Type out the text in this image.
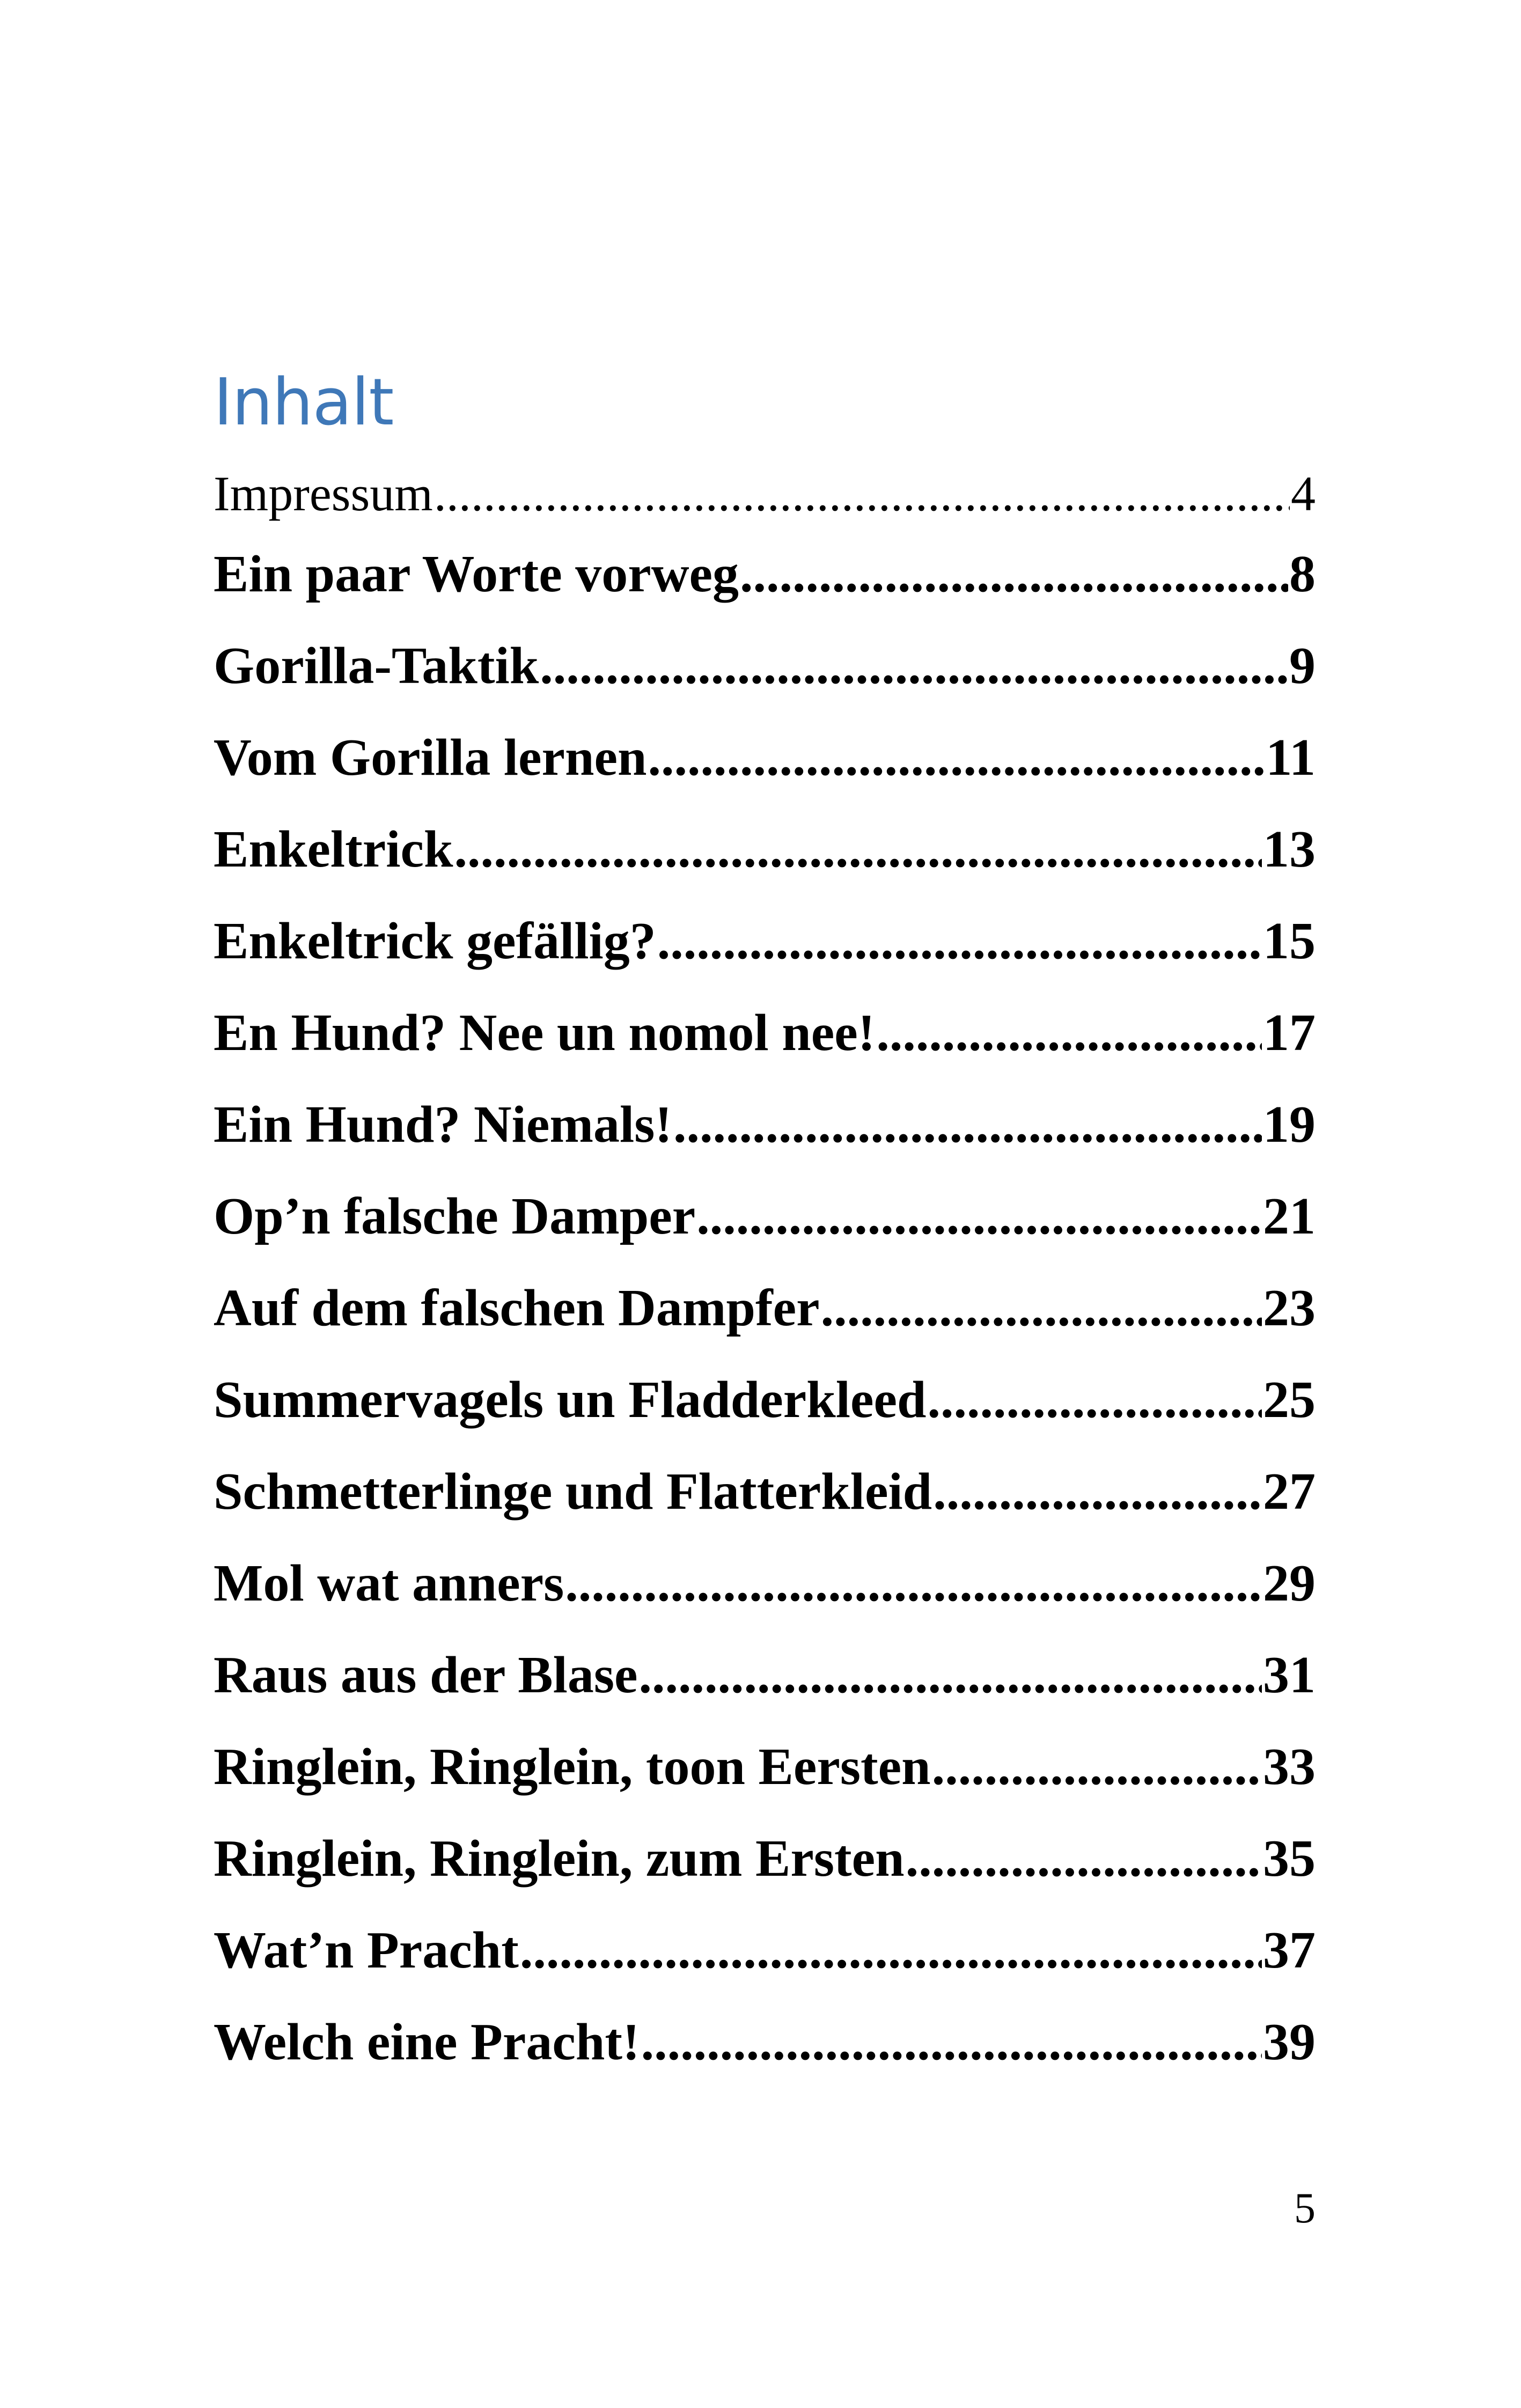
Inhalt
Impressum .....	4
Ein paar Worte vorweg .....	8
Gorilla-Taktik .....	9
Vom Gorilla lernen .....	11
Enkeltrick .....	13
Enkeltrick gefällig? .....	15
En Hund? Nee un nomol nee! .....	17
Ein Hund? Niemals! .....	19
Op’n falsche Damper .....	21
Auf dem falschen Dampfer .....	23
Summervagels un Fladderkleed .....	25
Schmetterlinge und Flatterkleid .....	27
Mol wat anners .....	29
Raus aus der Blase .....	31
Ringlein, Ringlein, toon Eersten .....	33
Ringlein, Ringlein, zum Ersten .....	35
Wat’n Pracht .....	37
Welch eine Pracht! .....	39
5
